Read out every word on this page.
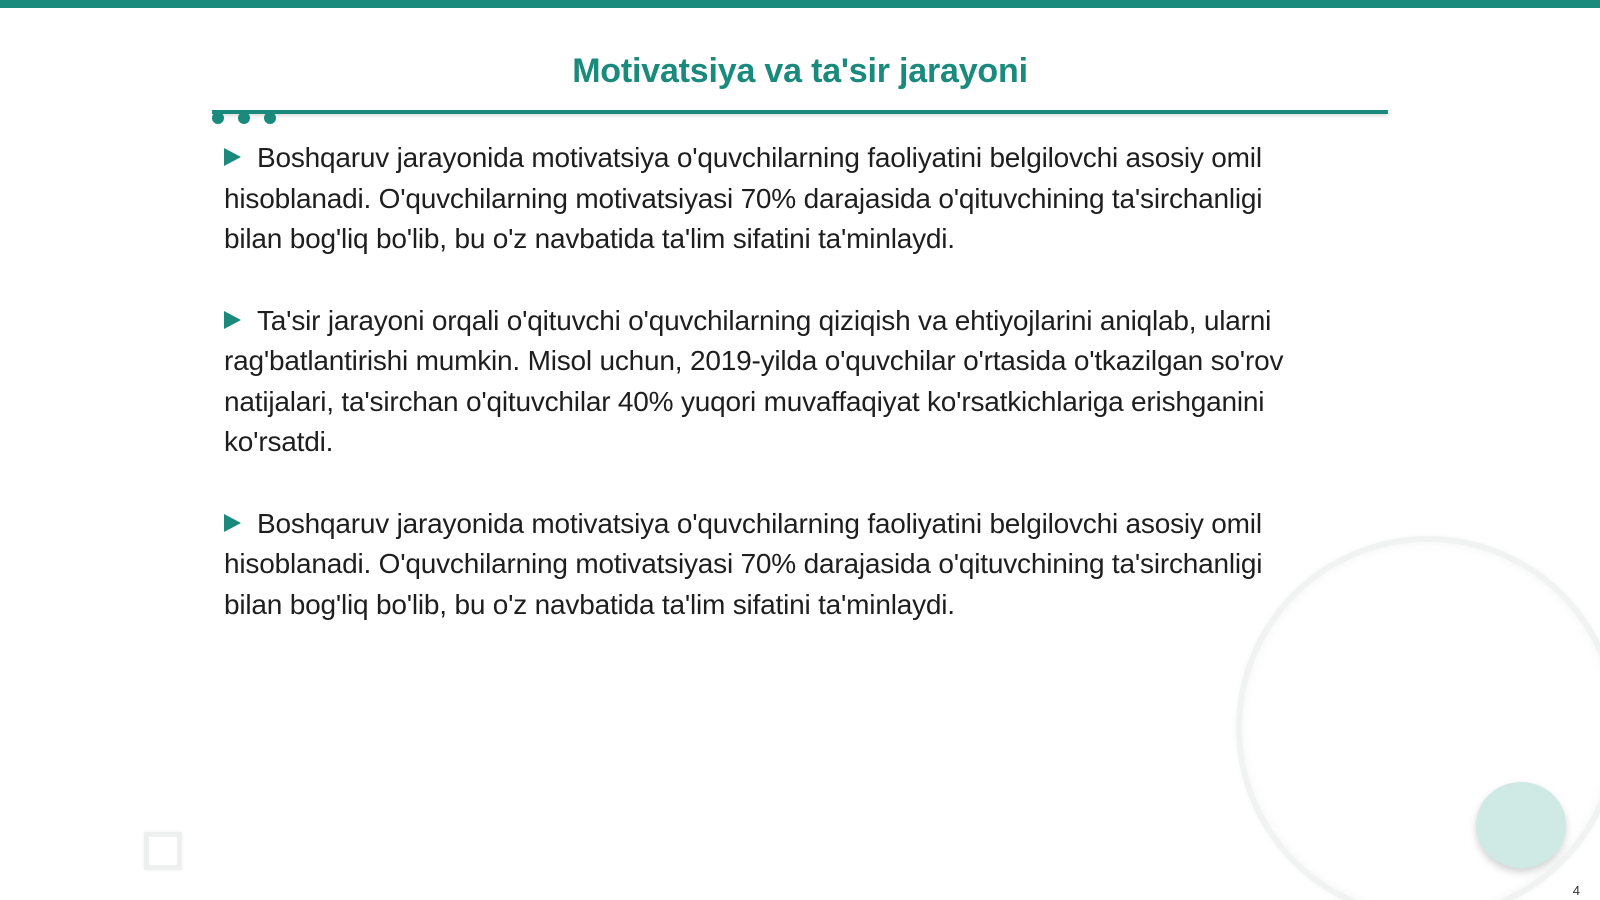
Motivatsiya va ta'sir jarayoni
Boshqaruv jarayonida motivatsiya o'quvchilarning faoliyatini belgilovchi asosiy omil hisoblanadi. O'quvchilarning motivatsiyasi 70% darajasida o'qituvchining ta'sirchanligi bilan bog'liq bo'lib, bu o'z navbatida ta'lim sifatini ta'minlaydi.
Ta'sir jarayoni orqali o'qituvchi o'quvchilarning qiziqish va ehtiyojlarini aniqlab, ularni rag'batlantirishi mumkin. Misol uchun, 2019-yilda o'quvchilar o'rtasida o'tkazilgan so'rov natijalari, ta'sirchan o'qituvchilar 40% yuqori muvaffaqiyat ko'rsatkichlariga erishganini ko'rsatdi.
Boshqaruv jarayonida motivatsiya o'quvchilarning faoliyatini belgilovchi asosiy omil hisoblanadi. O'quvchilarning motivatsiyasi 70% darajasida o'qituvchining ta'sirchanligi bilan bog'liq bo'lib, bu o'z navbatida ta'lim sifatini ta'minlaydi.
4
